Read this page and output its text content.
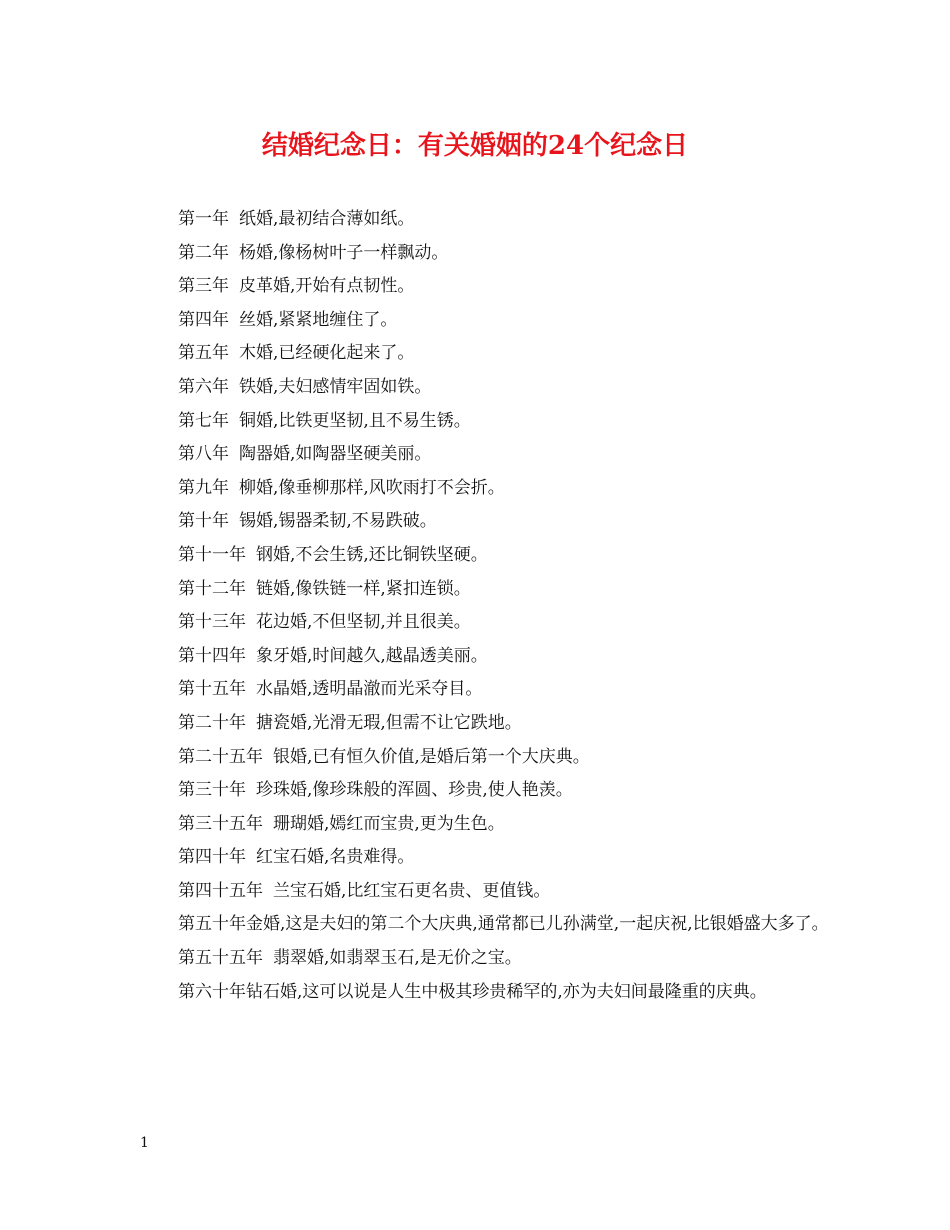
结婚纪念日：有关婚姻的24个纪念日

第一年 纸婚,最初结合薄如纸。

第二年 杨婚,像杨树叶子一样飘动。

第三年 皮革婚,开始有点韧性。

第四年 丝婚,紧紧地缠住了。

第五年 木婚,已经硬化起来了。

第六年 铁婚,夫妇感情牢固如铁。

第七年 铜婚,比铁更坚韧,且不易生锈。

第八年 陶器婚,如陶器坚硬美丽。

第九年 柳婚,像垂柳那样,风吹雨打不会折。

第十年 锡婚,锡器柔韧,不易跌破。

第十一年 钢婚,不会生锈,还比铜铁坚硬。

第十二年 链婚,像铁链一样,紧扣连锁。

第十三年 花边婚,不但坚韧,并且很美。

第十四年 象牙婚,时间越久,越晶透美丽。

第十五年 水晶婚,透明晶澈而光采夺目。

第二十年 搪瓷婚,光滑无瑕,但需不让它跌地。

第二十五年 银婚,已有恒久价值,是婚后第一个大庆典。

第三十年 珍珠婚,像珍珠般的浑圆、珍贵,使人艳羡。

第三十五年 珊瑚婚,嫣红而宝贵,更为生色。

第四十年 红宝石婚,名贵难得。

第四十五年 兰宝石婚,比红宝石更名贵、更值钱。

第五十年金婚,这是夫妇的第二个大庆典,通常都已儿孙满堂,一起庆祝,比银婚盛大多了。

第五十五年 翡翠婚,如翡翠玉石,是无价之宝。

第六十年钻石婚,这可以说是人生中极其珍贵稀罕的,亦为夫妇间最隆重的庆典。

1
